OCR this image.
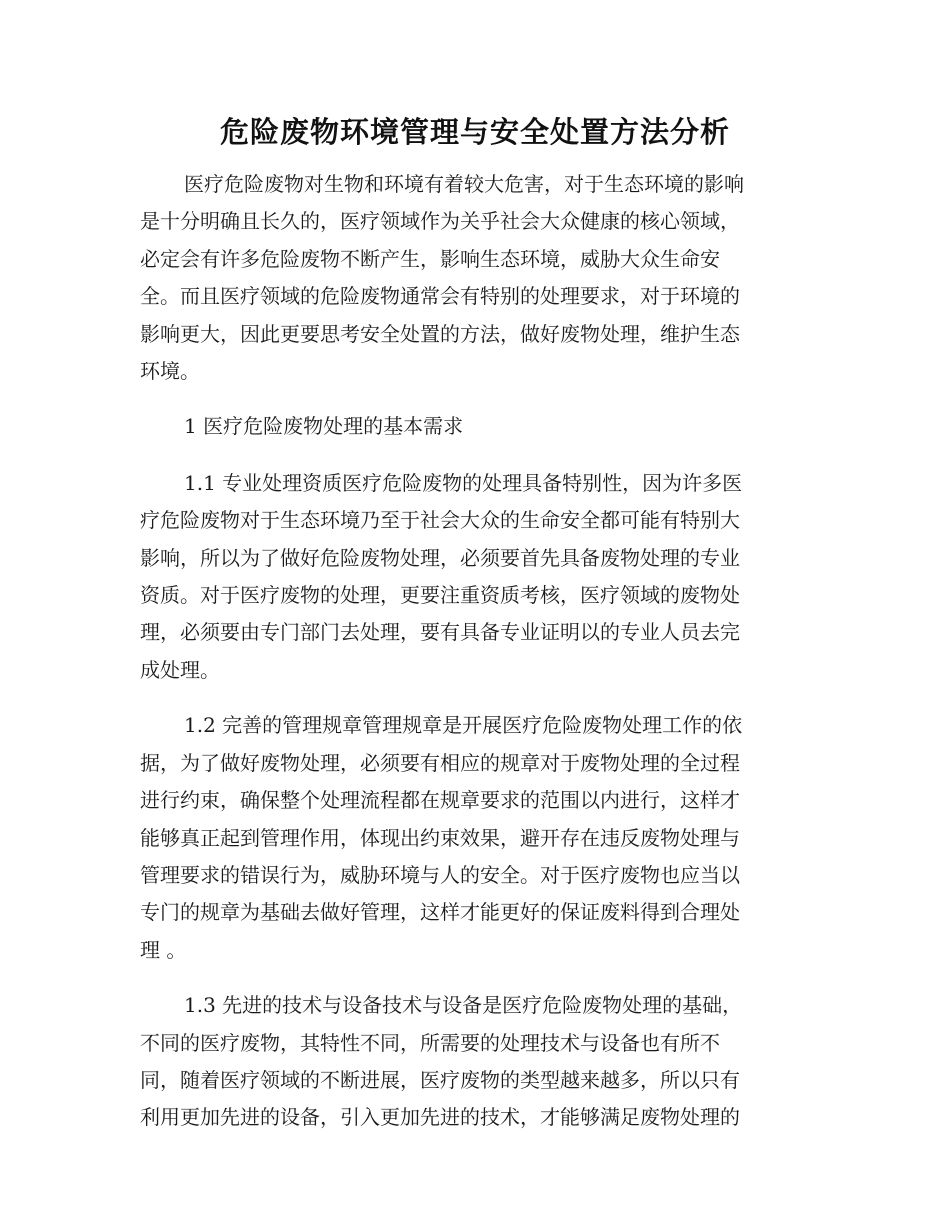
危险废物环境管理与安全处置方法分析

医疗危险废物对生物和环境有着较大危害，对于生态环境的影响
是十分明确且长久的，医疗领域作为关乎社会大众健康的核心领域，
必定会有许多危险废物不断产生，影响生态环境，威胁大众生命安
全。而且医疗领域的危险废物通常会有特别的处理要求，对于环境的
影响更大，因此更要思考安全处置的方法，做好废物处理，维护生态
环境。

1 医疗危险废物处理的基本需求

1.1 专业处理资质医疗危险废物的处理具备特别性，因为许多医
疗危险废物对于生态环境乃至于社会大众的生命安全都可能有特别大
影响，所以为了做好危险废物处理，必须要首先具备废物处理的专业
资质。对于医疗废物的处理，更要注重资质考核，医疗领域的废物处
理，必须要由专门部门去处理，要有具备专业证明以的专业人员去完
成处理。

1.2 完善的管理规章管理规章是开展医疗危险废物处理工作的依
据，为了做好废物处理，必须要有相应的规章对于废物处理的全过程
进行约束，确保整个处理流程都在规章要求的范围以内进行，这样才
能够真正起到管理作用，体现出约束效果，避开存在违反废物处理与
管理要求的错误行为，威胁环境与人的安全。对于医疗废物也应当以
专门的规章为基础去做好管理，这样才能更好的保证废料得到合理处
理 。

1.3 先进的技术与设备技术与设备是医疗危险废物处理的基础，
不同的医疗废物，其特性不同，所需要的处理技术与设备也有所不
同，随着医疗领域的不断进展，医疗废物的类型越来越多，所以只有
利用更加先进的设备，引入更加先进的技术，才能够满足废物处理的
